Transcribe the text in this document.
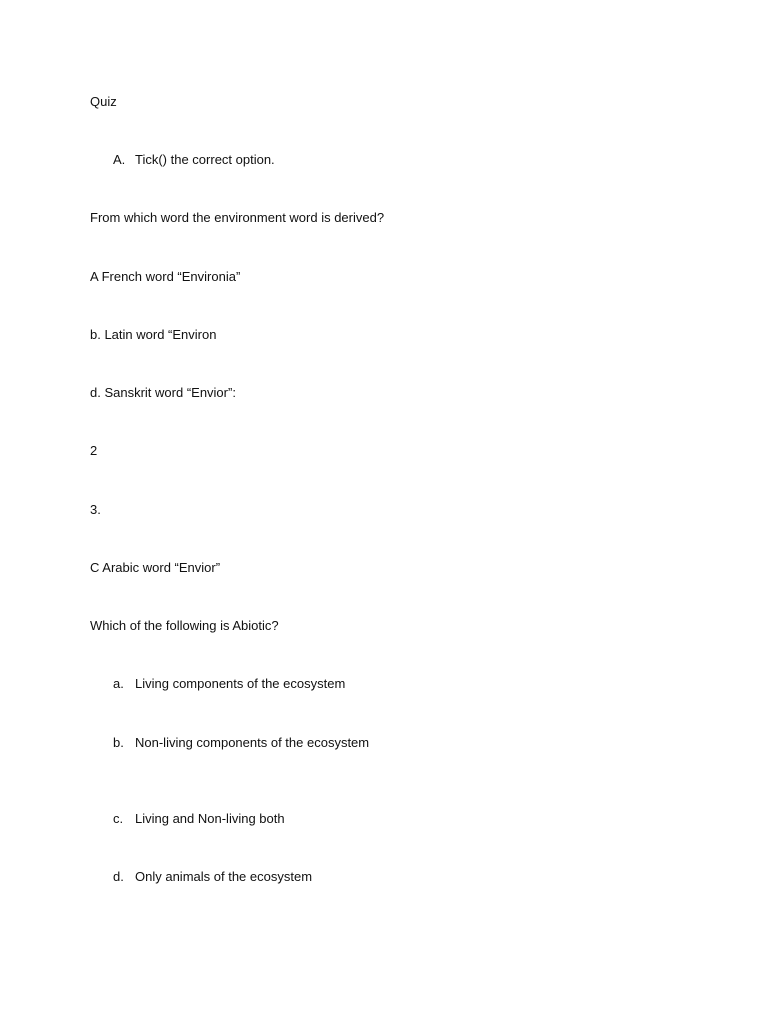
Quiz
A. Tick() the correct option.
From which word the environment word is derived?
A French word “Environia”
b. Latin word “Environ
d. Sanskrit word “Envior”:
2
3.
C Arabic word “Envior”
Which of the following is Abiotic?
a. Living components of the ecosystem
b. Non-living components of the ecosystem
c. Living and Non-living both
d. Only animals of the ecosystem
